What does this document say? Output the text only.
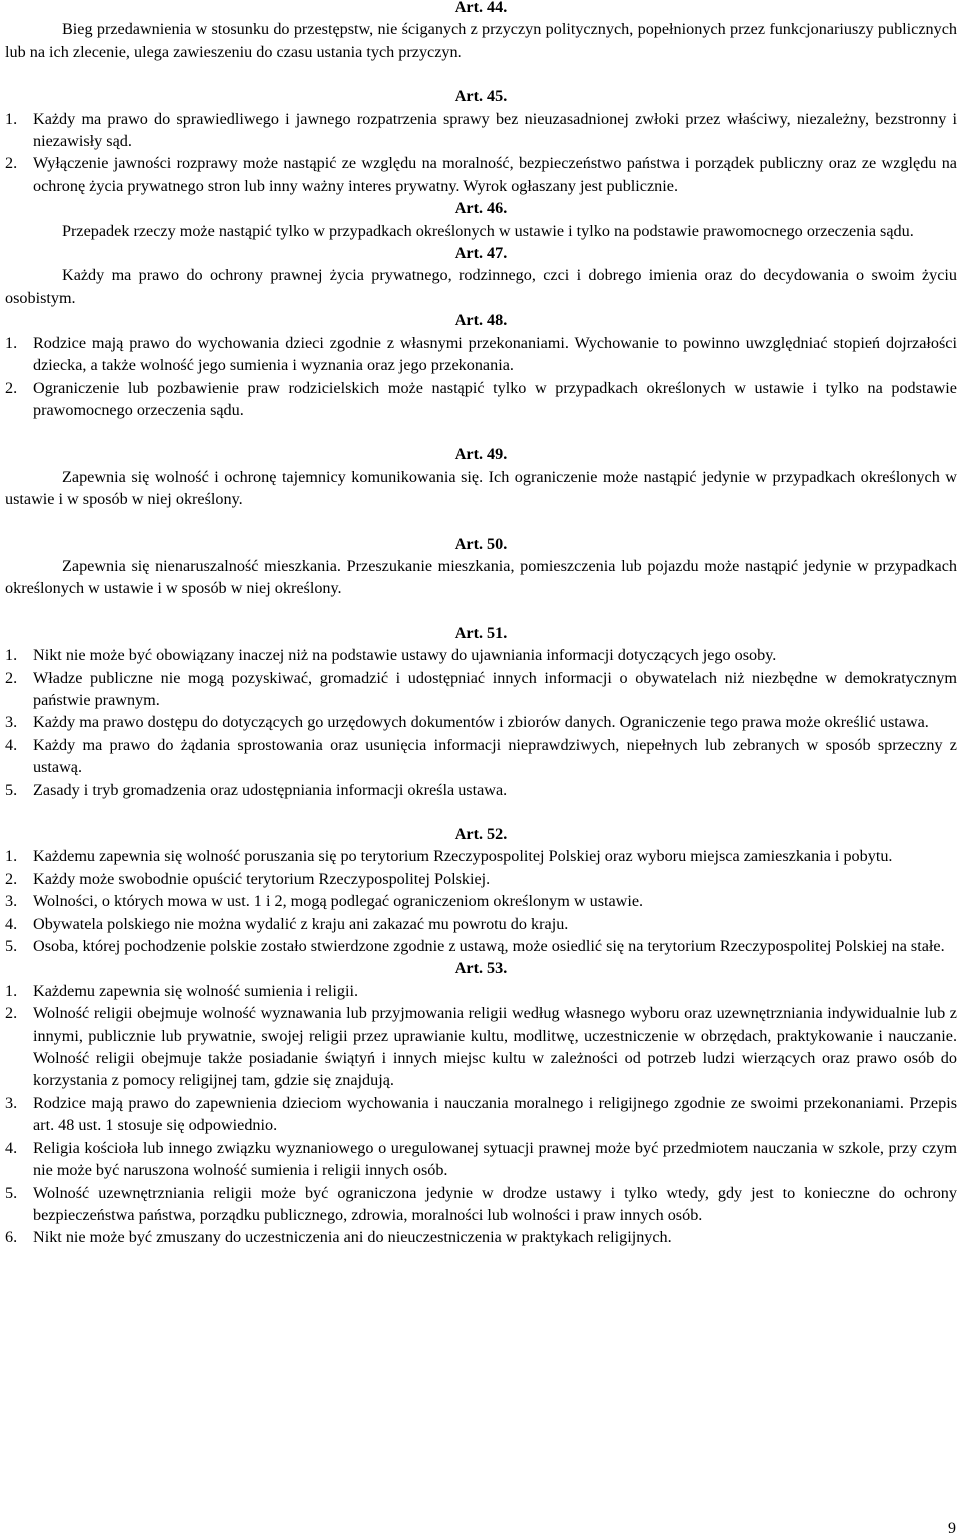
Art. 44.

Bieg przedawnienia w stosunku do przestępstw, nie ściganych z przyczyn politycznych, popełnionych przez funkcjonariuszy publicznych lub na ich zlecenie, ulega zawieszeniu do czasu ustania tych przyczyn.

Art. 45.
1. Każdy ma prawo do sprawiedliwego i jawnego rozpatrzenia sprawy bez nieuzasadnionej zwłoki przez właściwy, niezależny, bezstronny i niezawisły sąd.
2. Wyłączenie jawności rozprawy może nastąpić ze względu na moralność, bezpieczeństwo państwa i porządek publiczny oraz ze względu na ochronę życia prywatnego stron lub inny ważny interes prywatny. Wyrok ogłaszany jest publicznie.
Art. 46.

Przepadek rzeczy może nastąpić tylko w przypadkach określonych w ustawie i tylko na podstawie prawomocnego orzeczenia sądu.

Art. 47.

Każdy ma prawo do ochrony prawnej życia prywatnego, rodzinnego, czci i dobrego imienia oraz do decydowania o swoim życiu osobistym.

Art. 48.
1. Rodzice mają prawo do wychowania dzieci zgodnie z własnymi przekonaniami. Wychowanie to powinno uwzględniać stopień dojrzałości dziecka, a także wolność jego sumienia i wyznania oraz jego przekonania.
2. Ograniczenie lub pozbawienie praw rodzicielskich może nastąpić tylko w przypadkach określonych w ustawie i tylko na podstawie prawomocnego orzeczenia sądu.
Art. 49.

Zapewnia się wolność i ochronę tajemnicy komunikowania się. Ich ograniczenie może nastąpić jedynie w przypadkach określonych w ustawie i w sposób w niej określony.

Art. 50.

Zapewnia się nienaruszalność mieszkania. Przeszukanie mieszkania, pomieszczenia lub pojazdu może nastąpić jedynie w przypadkach określonych w ustawie i w sposób w niej określony.

Art. 51.
1. Nikt nie może być obowiązany inaczej niż na podstawie ustawy do ujawniania informacji dotyczących jego osoby.
2. Władze publiczne nie mogą pozyskiwać, gromadzić i udostępniać innych informacji o obywatelach niż niezbędne w demokratycznym państwie prawnym.
3. Każdy ma prawo dostępu do dotyczących go urzędowych dokumentów i zbiorów danych. Ograniczenie tego prawa może określić ustawa.
4. Każdy ma prawo do żądania sprostowania oraz usunięcia informacji nieprawdziwych, niepełnych lub zebranych w sposób sprzeczny z ustawą.
5. Zasady i tryb gromadzenia oraz udostępniania informacji określa ustawa.
Art. 52.
1. Każdemu zapewnia się wolność poruszania się po terytorium Rzeczypospolitej Polskiej oraz wyboru miejsca zamieszkania i pobytu.
2. Każdy może swobodnie opuścić terytorium Rzeczypospolitej Polskiej.
3. Wolności, o których mowa w ust. 1 i 2, mogą podlegać ograniczeniom określonym w ustawie.
4. Obywatela polskiego nie można wydalić z kraju ani zakazać mu powrotu do kraju.
5. Osoba, której pochodzenie polskie zostało stwierdzone zgodnie z ustawą, może osiedlić się na terytorium Rzeczypospolitej Polskiej na stałe.
Art. 53.
1. Każdemu zapewnia się wolność sumienia i religii.
2. Wolność religii obejmuje wolność wyznawania lub przyjmowania religii według własnego wyboru oraz uzewnętrzniania indywidualnie lub z innymi, publicznie lub prywatnie, swojej religii przez uprawianie kultu, modlitwę, uczestniczenie w obrzędach, praktykowanie i nauczanie. Wolność religii obejmuje także posiadanie świątyń i innych miejsc kultu w zależności od potrzeb ludzi wierzących oraz prawo osób do korzystania z pomocy religijnej tam, gdzie się znajdują.
3. Rodzice mają prawo do zapewnienia dzieciom wychowania i nauczania moralnego i religijnego zgodnie ze swoimi przekonaniami. Przepis art. 48 ust. 1 stosuje się odpowiednio.
4. Religia kościoła lub innego związku wyznaniowego o uregulowanej sytuacji prawnej może być przedmiotem nauczania w szkole, przy czym nie może być naruszona wolność sumienia i religii innych osób.
5. Wolność uzewnętrzniania religii może być ograniczona jedynie w drodze ustawy i tylko wtedy, gdy jest to konieczne do ochrony bezpieczeństwa państwa, porządku publicznego, zdrowia, moralności lub wolności i praw innych osób.
6. Nikt nie może być zmuszany do uczestniczenia ani do nieuczestniczenia w praktykach religijnych.
9
